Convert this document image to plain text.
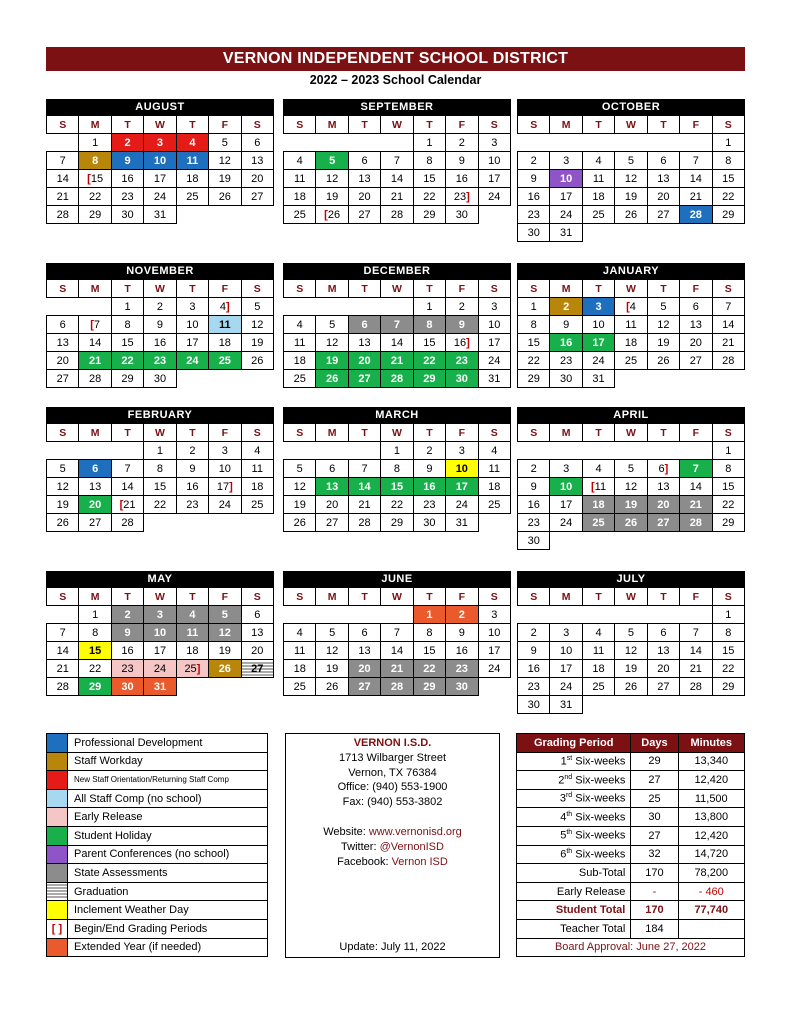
VERNON INDEPENDENT SCHOOL DISTRICT
2022 – 2023 School Calendar
AUGUST
S	M	T	W	T	F	S
	1	2	3	4	5	6
7	8	9	10	11	12	13
14	[15	16	17	18	19	20
21	22	23	24	25	26	27
28	29	30	31			
SEPTEMBER
S	M	T	W	T	F	S
				1	2	3
4	5	6	7	8	9	10
11	12	13	14	15	16	17
18	19	20	21	22	23]	24
25	[26	27	28	29	30	
OCTOBER
S	M	T	W	T	F	S
						1
2	3	4	5	6	7	8
9	10	11	12	13	14	15
16	17	18	19	20	21	22
23	24	25	26	27	28	29
30	31					
NOVEMBER
S	M	T	W	T	F	S
		1	2	3	4]	5
6	[7	8	9	10	11	12
13	14	15	16	17	18	19
20	21	22	23	24	25	26
27	28	29	30			
DECEMBER
S	M	T	W	T	F	S
				1	2	3
4	5	6	7	8	9	10
11	12	13	14	15	16]	17
18	19	20	21	22	23	24
25	26	27	28	29	30	31
JANUARY
S	M	T	W	T	F	S
1	2	3	[4	5	6	7
8	9	10	11	12	13	14
15	16	17	18	19	20	21
22	23	24	25	26	27	28
29	30	31				
FEBRUARY
S	M	T	W	T	F	S
			1	2	3	4
5	6	7	8	9	10	11
12	13	14	15	16	17]	18
19	20	[21	22	23	24	25
26	27	28				
MARCH
S	M	T	W	T	F	S
			1	2	3	4
5	6	7	8	9	10	11
12	13	14	15	16	17	18
19	20	21	22	23	24	25
26	27	28	29	30	31	
APRIL
S	M	T	W	T	F	S
						1
2	3	4	5	6]	7	8
9	10	[11	12	13	14	15
16	17	18	19	20	21	22
23	24	25	26	27	28	29
30						
MAY
S	M	T	W	T	F	S
	1	2	3	4	5	6
7	8	9	10	11	12	13
14	15	16	17	18	19	20
21	22	23	24	25]	26	27
28	29	30	31			
JUNE
S	M	T	W	T	F	S
				1	2	3
4	5	6	7	8	9	10
11	12	13	14	15	16	17
18	19	20	21	22	23	24
25	26	27	28	29	30	
JULY
S	M	T	W	T	F	S
						1
2	3	4	5	6	7	8
9	10	11	12	13	14	15
16	17	18	19	20	21	22
23	24	25	26	27	28	29
30	31					
	Professional Development
	Staff Workday
	New Staff Orientation/Returning Staff Comp
	All Staff Comp (no school)
	Early Release
	Student Holiday
	Parent Conferences (no school)
	State Assessments
	Graduation
	Inclement Weather Day
[ ]	Begin/End Grading Periods
	Extended Year (if needed)
VERNON I.S.D.
1713 Wilbarger Street
Vernon, TX 76384
Office: (940) 553-1900
Fax: (940) 553-3802
Website: www.vernonisd.org
Twitter: @VernonISD
Facebook: Vernon ISD
Update: July 11, 2022
Grading Period	Days	Minutes
1st Six-weeks	29	13,340
2nd Six-weeks	27	12,420
3rd Six-weeks	25	11,500
4th Six-weeks	30	13,800
5th Six-weeks	27	12,420
6th Six-weeks	32	14,720
Sub-Total	170	78,200
Early Release	-	- 460
Student Total	170	77,740
Teacher Total	184	
Board Approval: June 27, 2022		
